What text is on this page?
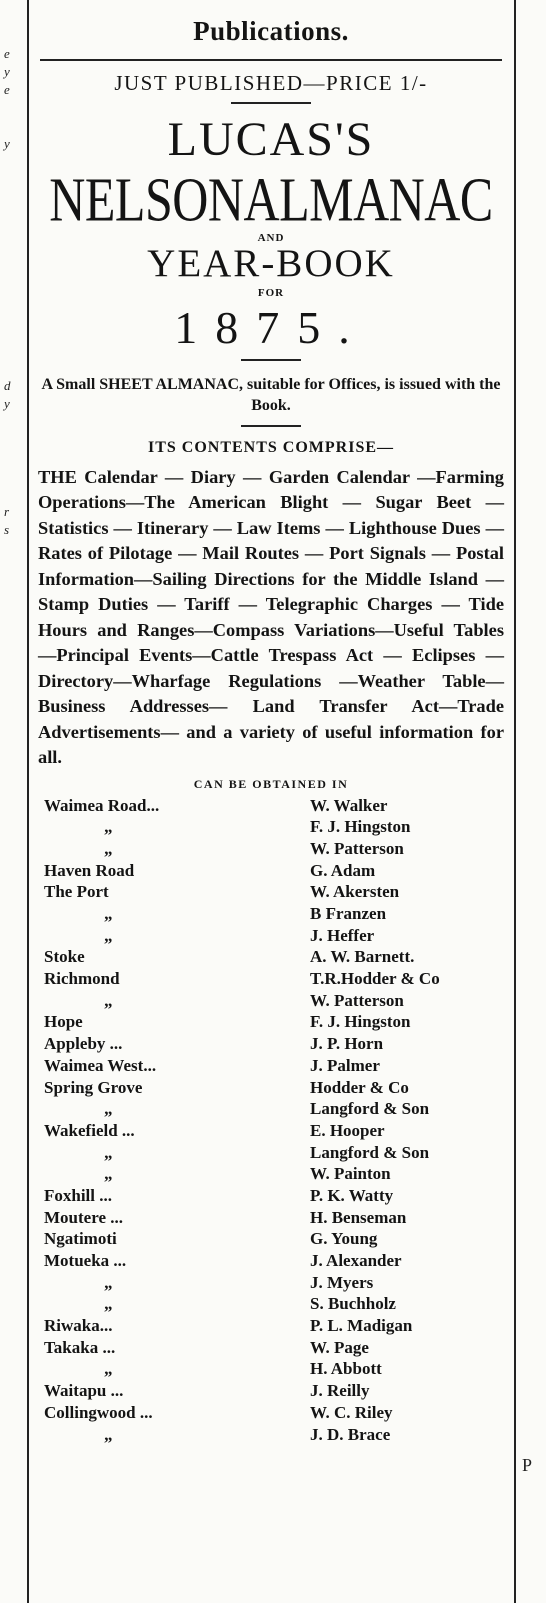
e
y
e
y
d
y
r
s
P
Publications.
JUST PUBLISHED—PRICE 1/-
LUCAS'S
NELSONALMANAC
AND
YEAR-BOOK
FOR
1875.
A Small SHEET ALMANAC, suitable for Offices, is issued with the Book.
ITS CONTENTS COMPRISE—
THE Calendar — Diary — Garden Calendar —Farming Operations—The American Blight — Sugar Beet — Statistics — Itinerary — Law Items — Lighthouse Dues — Rates of Pilotage — Mail Routes — Port Signals — Postal Information—Sailing Directions for the Middle Island — Stamp Duties — Tariff — Telegraphic Charges — Tide Hours and Ranges—Compass Variations—Useful Tables —Principal Events—Cattle Trespass Act — Eclipses — Directory—Wharfage Regulations —Weather Table—Business Addresses— Land Transfer Act—Trade Advertisements— and a variety of useful information for all.
CAN BE OBTAINED IN
Waimea Road...	W. Walker
„	F. J. Hingston
„	W. Patterson
Haven Road	G. Adam
The Port	W. Akersten
„	B Franzen
„	J. Heffer
Stoke	A. W. Barnett.
Richmond	T.R.Hodder & Co
„	W. Patterson
Hope	F. J. Hingston
Appleby ...	J. P. Horn
Waimea West...	J. Palmer
Spring Grove	Hodder & Co
„	Langford & Son
Wakefield ...	E. Hooper
„	Langford & Son
„	W. Painton
Foxhill ...	P. K. Watty
Moutere ...	H. Benseman
Ngatimoti	G. Young
Motueka ...	J. Alexander
„	J. Myers
„	S. Buchholz
Riwaka...	P. L. Madigan
Takaka ...	W. Page
„	H. Abbott
Waitapu ...	J. Reilly
Collingwood ...	W. C. Riley
„	J. D. Brace
